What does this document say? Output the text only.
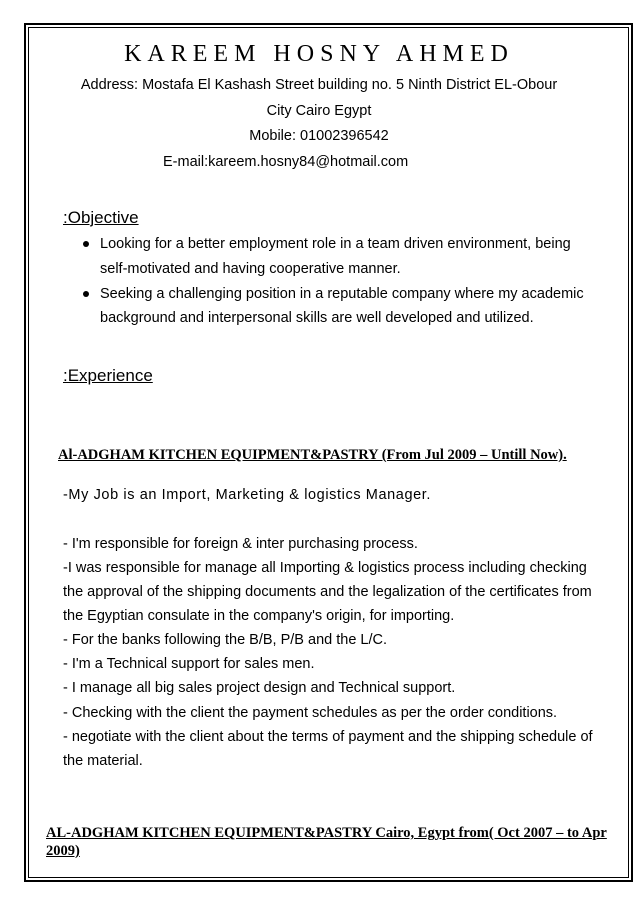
KAREEM HOSNY AHMED
Address: Mostafa El Kashash Street building no. 5 Ninth District EL-Obour
City Cairo Egypt
Mobile: 01002396542
E-mail:kareem.hosny84@hotmail.com
:Objective
Looking for a better employment role in a team driven environment, being
self-motivated and having cooperative manner.
Seeking a challenging position in a reputable company where my academic
background and interpersonal skills are well developed and utilized.
:Experience
Al-ADGHAM KITCHEN EQUIPMENT&PASTRY (From Jul 2009 – Untill Now).
-My Job is an Import, Marketing & logistics Manager.
- I'm responsible for foreign & inter purchasing process.
-I was responsible for manage all Importing & logistics process including checking
the approval of the shipping documents and the legalization of the certificates from
the Egyptian consulate in the company's origin, for importing.
- For the banks following the B/B, P/B and the L/C.
- I'm a Technical support for sales men.
- I manage all big sales project design and Technical support.
- Checking with the client the payment schedules as per the order conditions.
- negotiate with the client about the terms of payment and the shipping schedule of
the material.
AL-ADGHAM KITCHEN EQUIPMENT&PASTRY Cairo, Egypt from( Oct 2007 – to Apr
2009)
